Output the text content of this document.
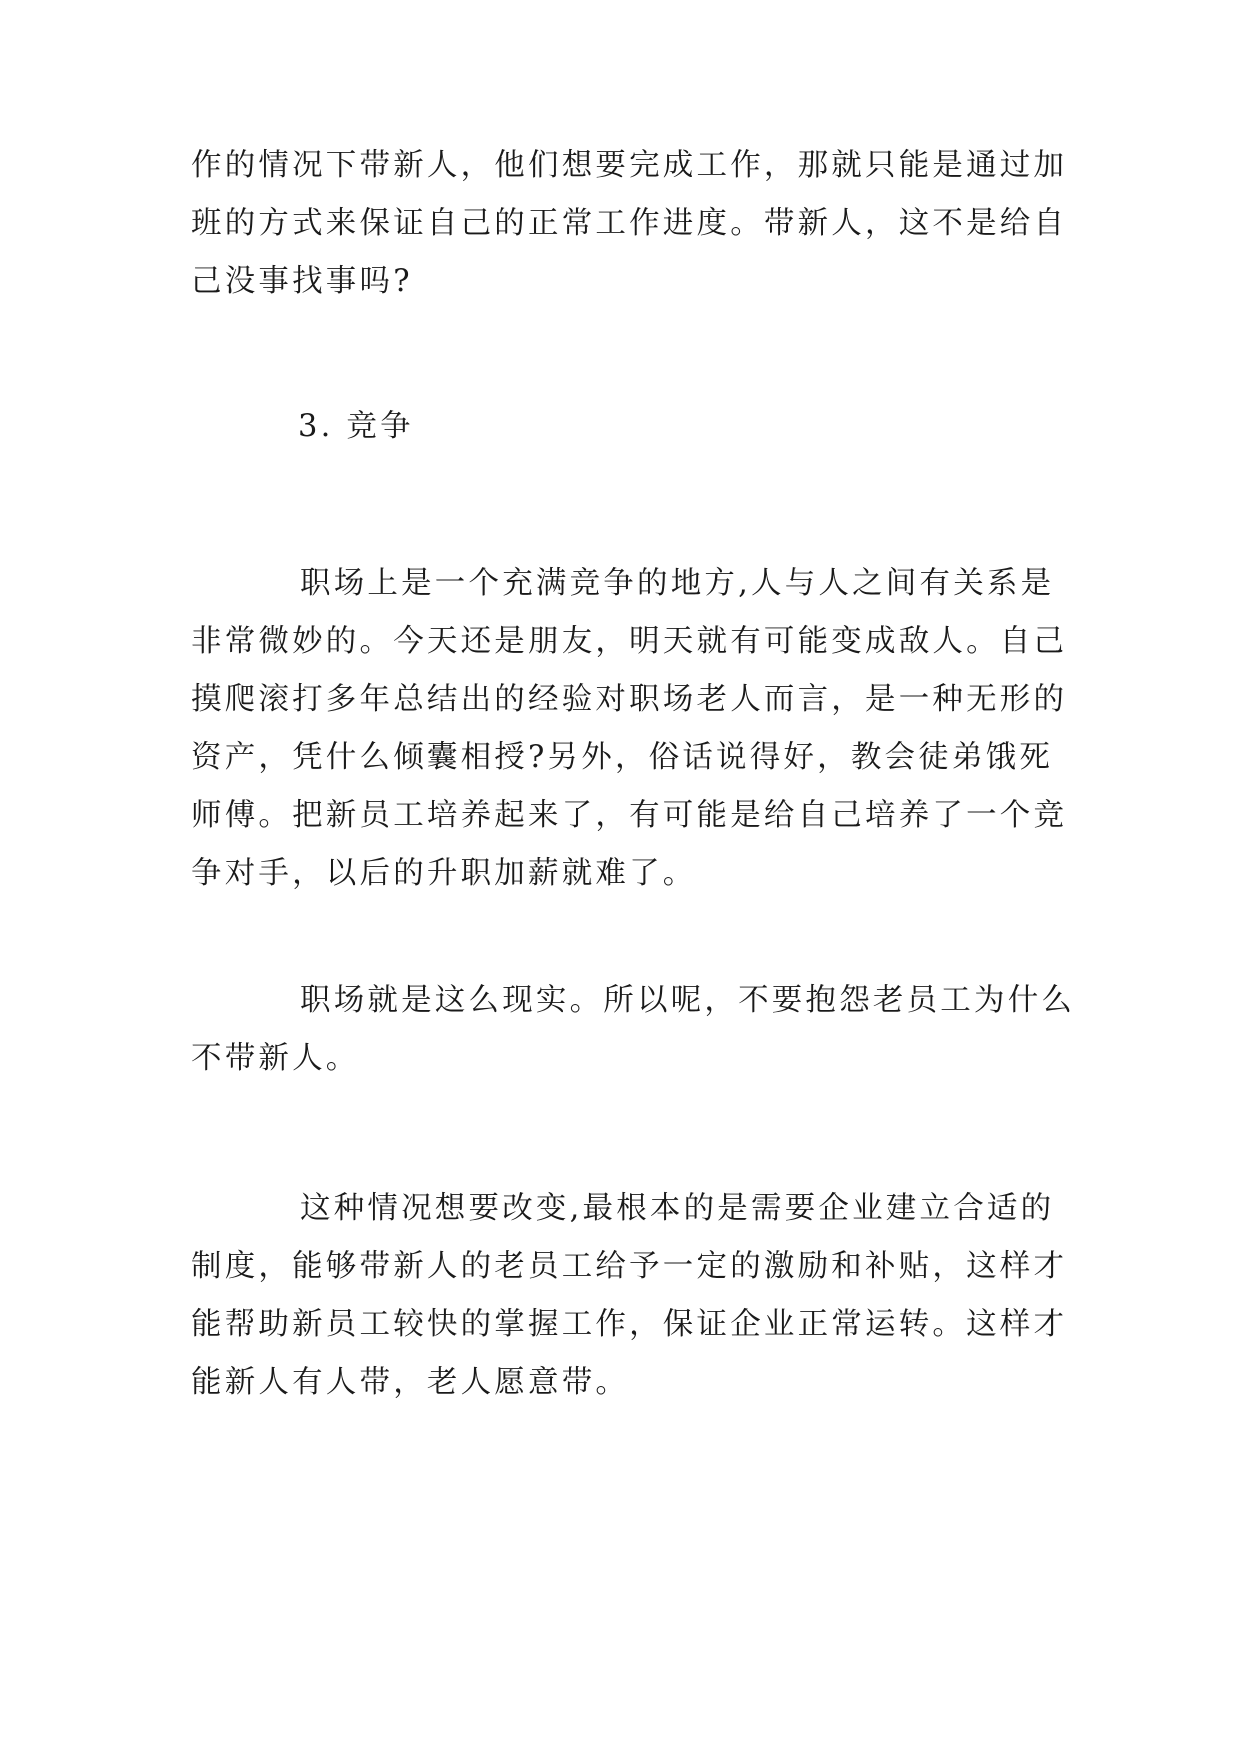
作的情况下带新人，他们想要完成工作，那就只能是通过加
班的方式来保证自己的正常工作进度。带新人，这不是给自
己没事找事吗?

3. 竞争

职场上是一个充满竞争的地方,人与人之间有关系是
非常微妙的。今天还是朋友，明天就有可能变成敌人。自己
摸爬滚打多年总结出的经验对职场老人而言，是一种无形的
资产，凭什么倾囊相授?另外，俗话说得好，教会徒弟饿死
师傅。把新员工培养起来了，有可能是给自己培养了一个竞
争对手，以后的升职加薪就难了。

职场就是这么现实。所以呢，不要抱怨老员工为什么
不带新人。

这种情况想要改变,最根本的是需要企业建立合适的
制度，能够带新人的老员工给予一定的激励和补贴，这样才
能帮助新员工较快的掌握工作，保证企业正常运转。这样才
能新人有人带，老人愿意带。
